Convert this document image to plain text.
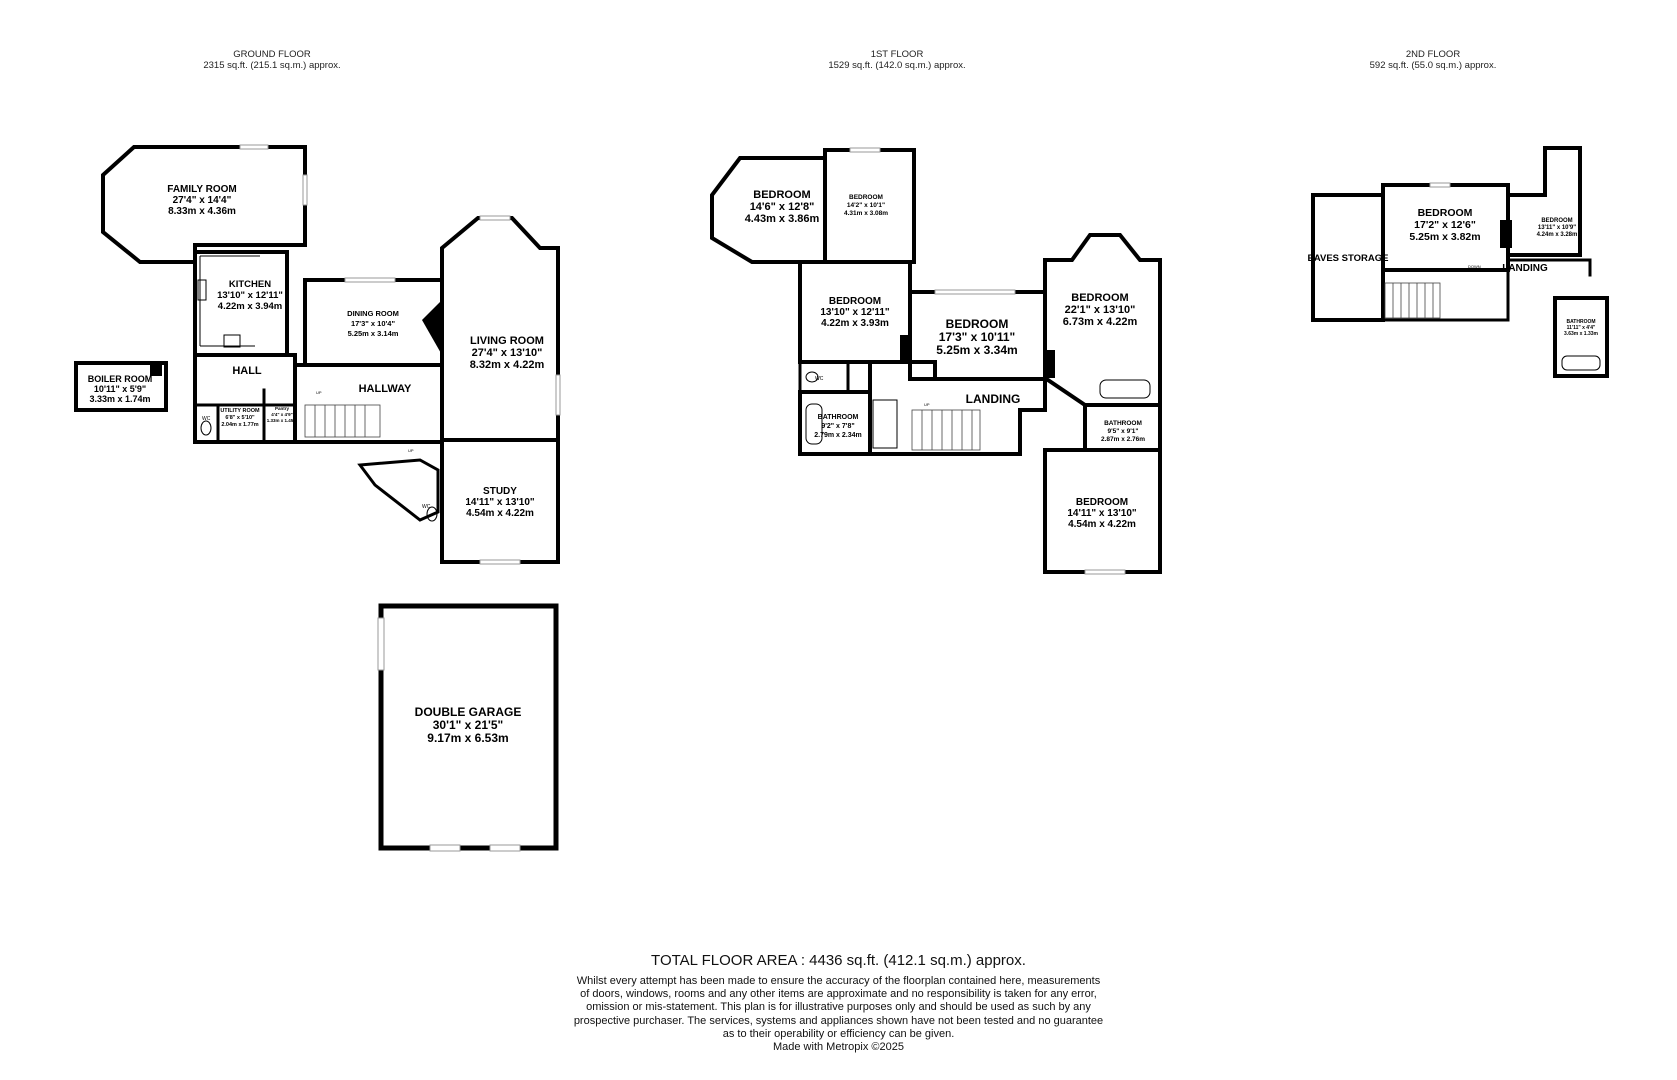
GROUND FLOOR
2315 sq.ft. (215.1 sq.m.) approx.
1ST FLOOR
1529 sq.ft. (142.0 sq.m.) approx.
2ND FLOOR
592 sq.ft. (55.0 sq.m.) approx.
FAMILY ROOM
27'4" x 14'4"
8.33m x 4.36m
KITCHEN
13'10" x 12'11"
4.22m x 3.94m
DINING ROOM
17'3" x 10'4"
5.25m x 3.14m
LIVING ROOM
27'4" x 13'10"
8.32m x 4.22m
BOILER ROOM
10'11" x 5'9"
3.33m x 1.74m
HALL
HALLWAY
UTILITY ROOM
6'8" x 5'10"
2.04m x 1.77m
Pantry
4'4" x 4'9"
1.33m x 1.45m
STUDY
14'11" x 13'10"
4.54m x 4.22m
DOUBLE GARAGE
30'1" x 21'5"
9.17m x 6.53m
WC
WC
UP
UP
BEDROOM
14'6" x 12'8"
4.43m x 3.86m
BEDROOM
14'2" x 10'1"
4.31m x 3.08m
BEDROOM
13'10" x 12'11"
4.22m x 3.93m	BEDROOM
17'3" x 10'11"
5.25m x 3.34m
BEDROOM
22'1" x 13'10"
6.73m x 4.22m
BEDROOM
14'11" x 13'10"
4.54m x 4.22m
BATHROOM
9'2" x 7'8"
2.79m x 2.34m
BATHROOM
9'5" x 9'1"
2.87m x 2.76m
LANDING
WC
UP
EAVES STORAGE
BEDROOM
17'2" x 12'6"
5.25m x 3.82m
BEDROOM
13'11" x 10'9"
4.24m x 3.28m
BATHROOM
11'11" x 4'4"
3.63m x 1.33m
LANDING
DOWN
TOTAL FLOOR AREA : 4436 sq.ft. (412.1 sq.m.) approx.
Whilst every attempt has been made to ensure the accuracy of the floorplan contained here, measurements
of doors, windows, rooms and any other items are approximate and no responsibility is taken for any error,
omission or mis-statement. This plan is for illustrative purposes only and should be used as such by any
prospective purchaser. The services, systems and appliances shown have not been tested and no guarantee
as to their operability or efficiency can be given.
Made with Metropix ©2025
